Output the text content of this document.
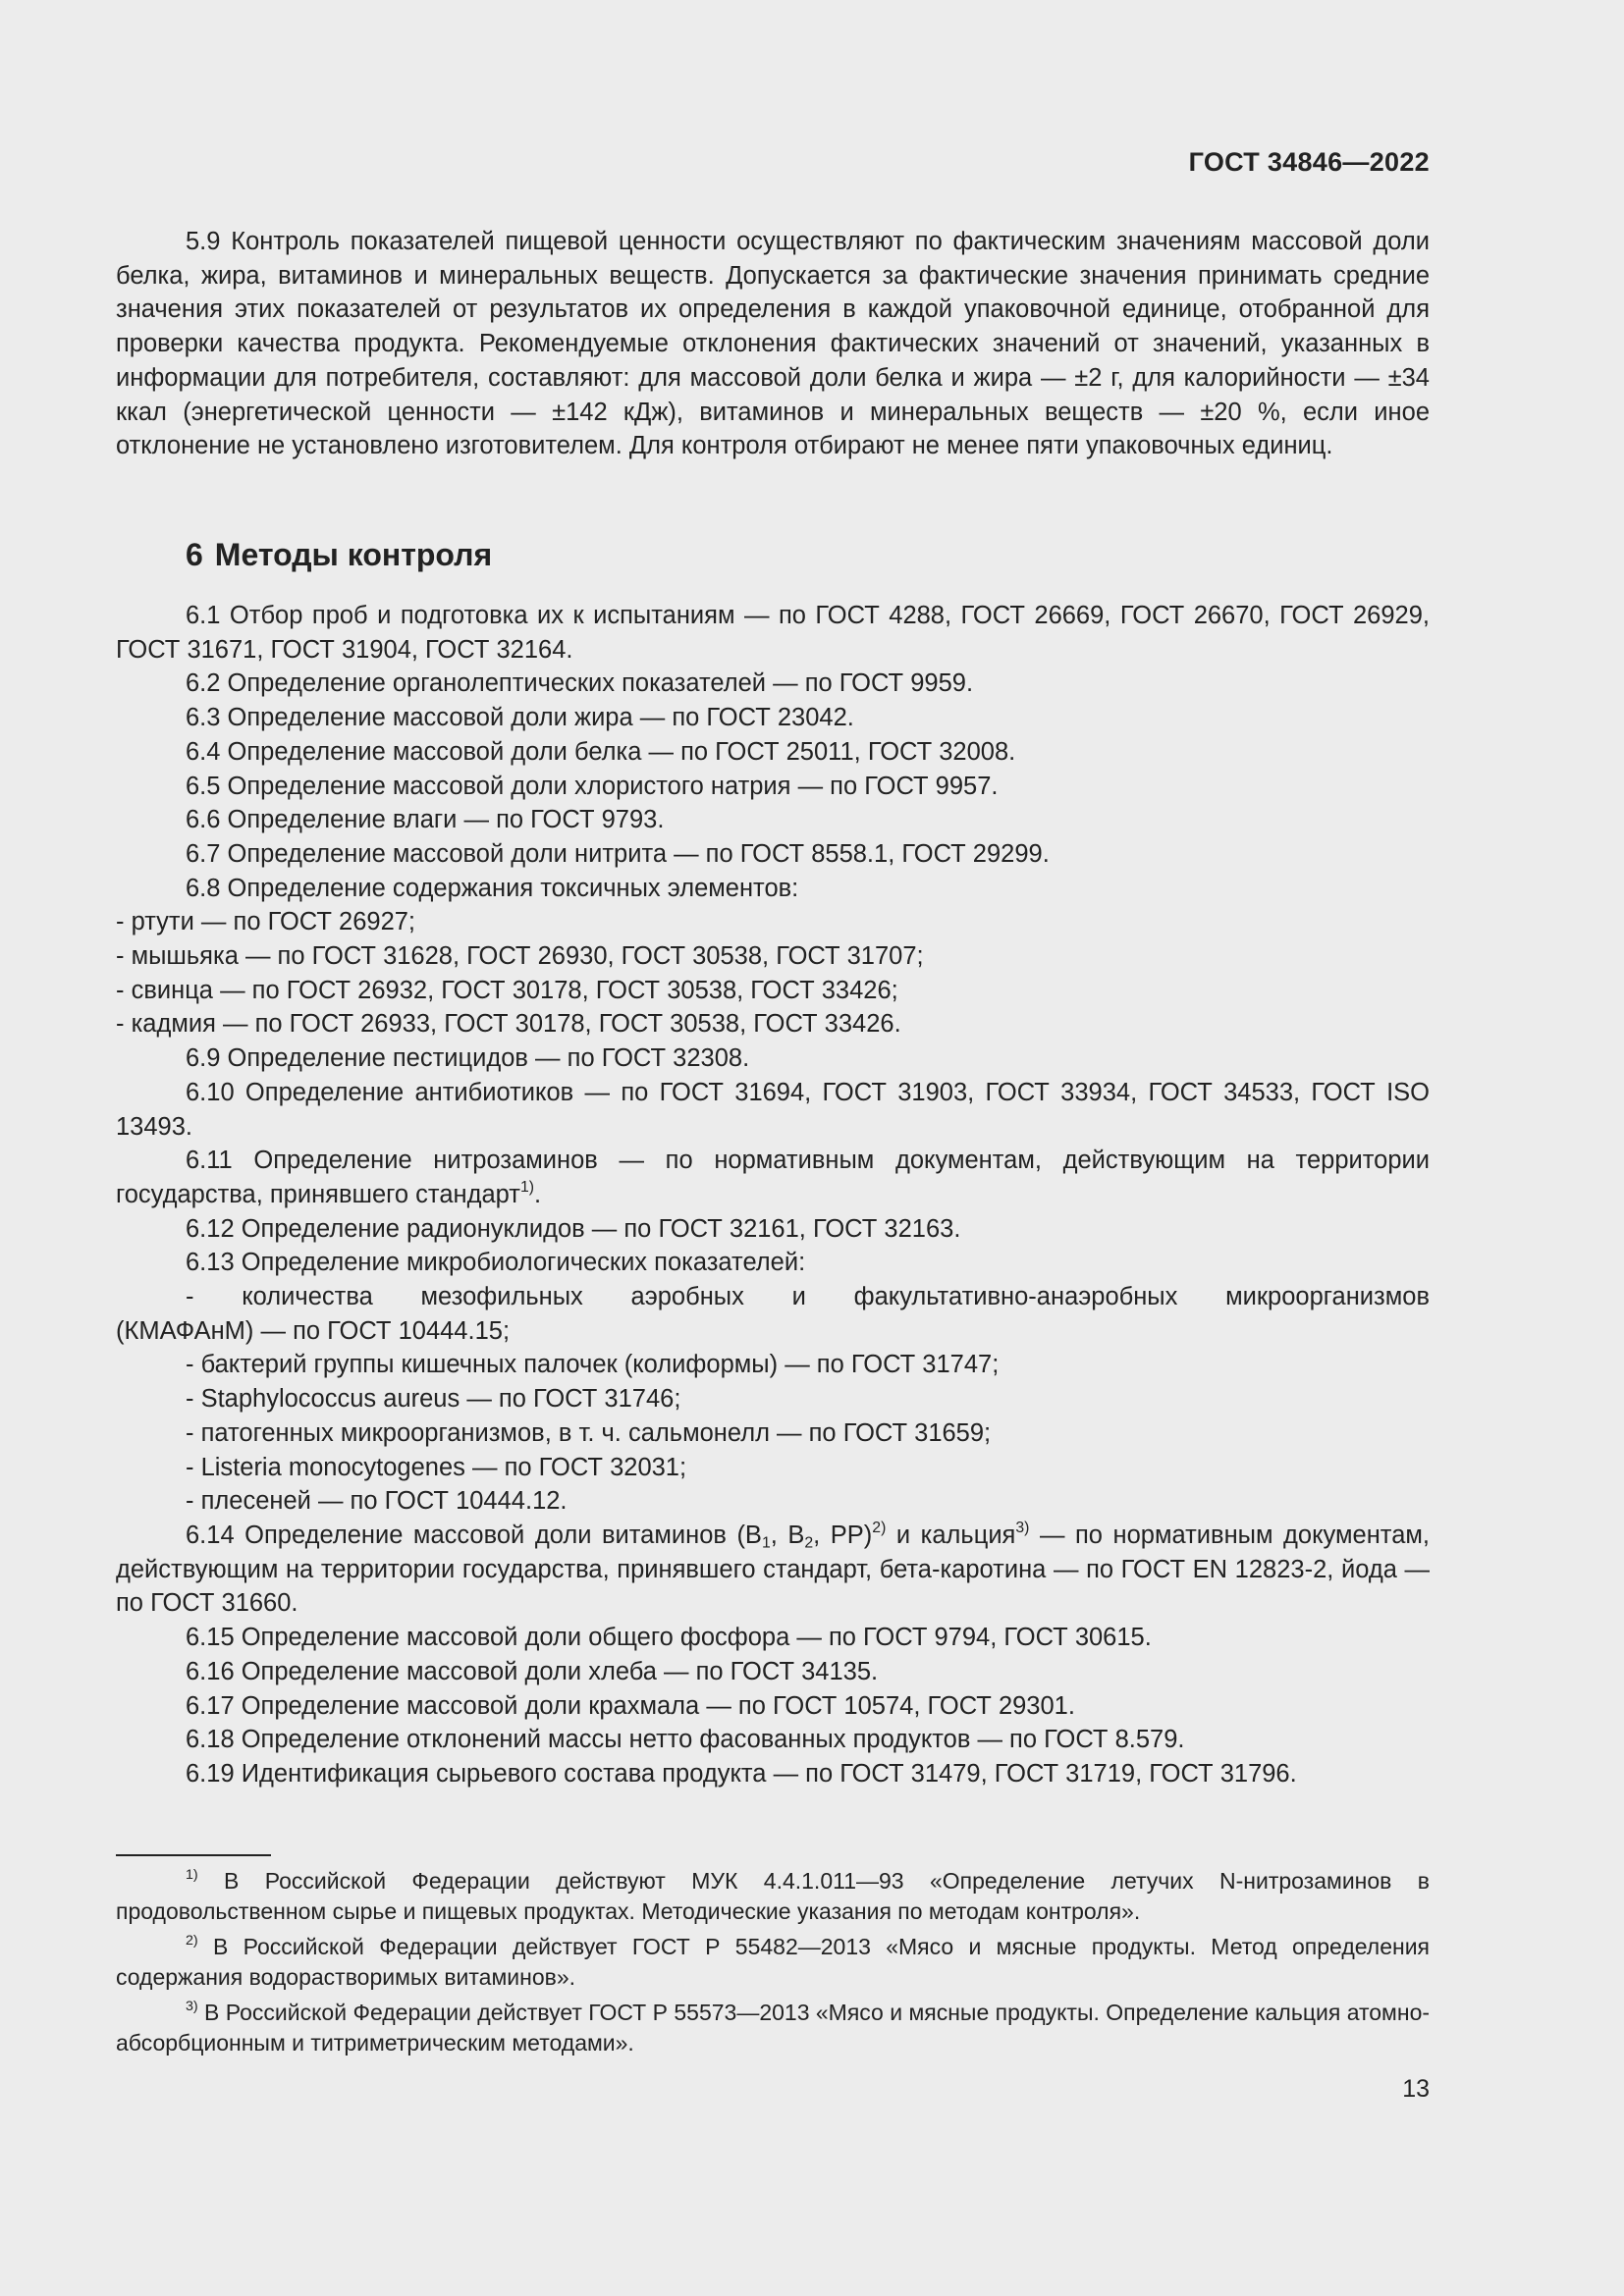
ГОСТ 34846—2022

5.9 Контроль показателей пищевой ценности осуществляют по фактическим значениям массовой доли белка, жира, витаминов и минеральных веществ. Допускается за фактические значения принимать средние значения этих показателей от результатов их определения в каждой упаковочной единице, отобранной для проверки качества продукта. Рекомендуемые отклонения фактических значений от значений, указанных в информации для потребителя, составляют: для массовой доли белка и жира — ±2 г, для калорийности — ±34 ккал (энергетической ценности — ±142 кДж), витаминов и минеральных веществ — ±20 %, если иное отклонение не установлено изготовителем. Для контроля отбирают не менее пяти упаковочных единиц.

6 Методы контроля

6.1 Отбор проб и подготовка их к испытаниям — по ГОСТ 4288, ГОСТ 26669, ГОСТ 26670, ГОСТ 26929, ГОСТ 31671, ГОСТ 31904, ГОСТ 32164.

6.2 Определение органолептических показателей — по ГОСТ 9959.

6.3 Определение массовой доли жира — по ГОСТ 23042.

6.4 Определение массовой доли белка — по ГОСТ 25011, ГОСТ 32008.

6.5 Определение массовой доли хлористого натрия — по ГОСТ 9957.

6.6 Определение влаги — по ГОСТ 9793.

6.7 Определение массовой доли нитрита — по ГОСТ 8558.1, ГОСТ 29299.

6.8 Определение содержания токсичных элементов:

- ртути — по ГОСТ 26927;

- мышьяка — по ГОСТ 31628, ГОСТ 26930, ГОСТ 30538, ГОСТ 31707;

- свинца — по ГОСТ 26932, ГОСТ 30178, ГОСТ 30538, ГОСТ 33426;

- кадмия — по ГОСТ 26933, ГОСТ 30178, ГОСТ 30538, ГОСТ 33426.

6.9 Определение пестицидов — по ГОСТ 32308.

6.10 Определение антибиотиков — по ГОСТ 31694, ГОСТ 31903, ГОСТ 33934, ГОСТ 34533, ГОСТ ISO 13493.

6.11 Определение нитрозаминов — по нормативным документам, действующим на территории государства, принявшего стандарт$^{1)}$.

6.12 Определение радионуклидов — по ГОСТ 32161, ГОСТ 32163.

6.13 Определение микробиологических показателей:

- количества мезофильных аэробных и факультативно-анаэробных микроорганизмов

(КМАФАнМ) — по ГОСТ 10444.15;

- бактерий группы кишечных палочек (колиформы) — по ГОСТ 31747;

- Staphylococcus aureus — по ГОСТ 31746;

- патогенных микроорганизмов, в т. ч. сальмонелл — по ГОСТ 31659;

- Listeria monocytogenes — по ГОСТ 32031;

- плесеней — по ГОСТ 10444.12.

6.14 Определение массовой доли витаминов ($B_1$, $B_2$, PP)$^{2)}$ и кальция$^{3)}$ — по нормативным документам, действующим на территории государства, принявшего стандарт, бета-каротина — по ГОСТ EN 12823-2, йода — по ГОСТ 31660.

6.15 Определение массовой доли общего фосфора — по ГОСТ 9794, ГОСТ 30615.

6.16 Определение массовой доли хлеба — по ГОСТ 34135.

6.17 Определение массовой доли крахмала — по ГОСТ 10574, ГОСТ 29301.

6.18 Определение отклонений массы нетто фасованных продуктов — по ГОСТ 8.579.

6.19 Идентификация сырьевого состава продукта — по ГОСТ 31479, ГОСТ 31719, ГОСТ 31796.

$^{1)}$ В Российской Федерации действуют МУК 4.4.1.011—93 «Определение летучих N-нитрозаминов в продовольственном сырье и пищевых продуктах. Методические указания по методам контроля».

$^{2)}$ В Российской Федерации действует ГОСТ Р 55482—2013 «Мясо и мясные продукты. Метод определения содержания водорастворимых витаминов».

$^{3)}$ В Российской Федерации действует ГОСТ Р 55573—2013 «Мясо и мясные продукты. Определение кальция атомно-абсорбционным и титриметрическим методами».

13
